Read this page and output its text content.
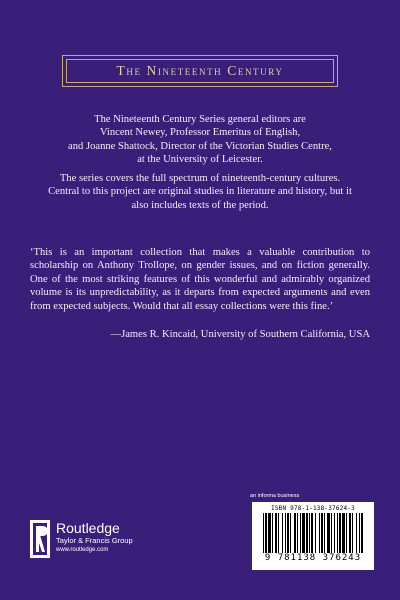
The Nineteenth Century

The Nineteenth Century Series general editors are

Vincent Newey, Professor Emeritus of English,

and Joanne Shattock, Director of the Victorian Studies Centre,

at the University of Leicester.

The series covers the full spectrum of nineteenth-century cultures.

Central to this project are original studies in literature and history, but it

also includes texts of the period.

‘This is an important collection that makes a valuable contribution to scholarship on Anthony Trollope, on gender issues, and on fiction generally. One of the most striking features of this wonderful and admirably organized volume is its unpredictability, as it departs from expected arguments and even from expected subjects. Would that all essay collections were this fine.’
—James R. Kincaid, University of Southern California, USA
an informa business
ISBN 978-1-138-37624-3
9 781138 376243
Routledge
Taylor & Francis Group
www.routledge.com
